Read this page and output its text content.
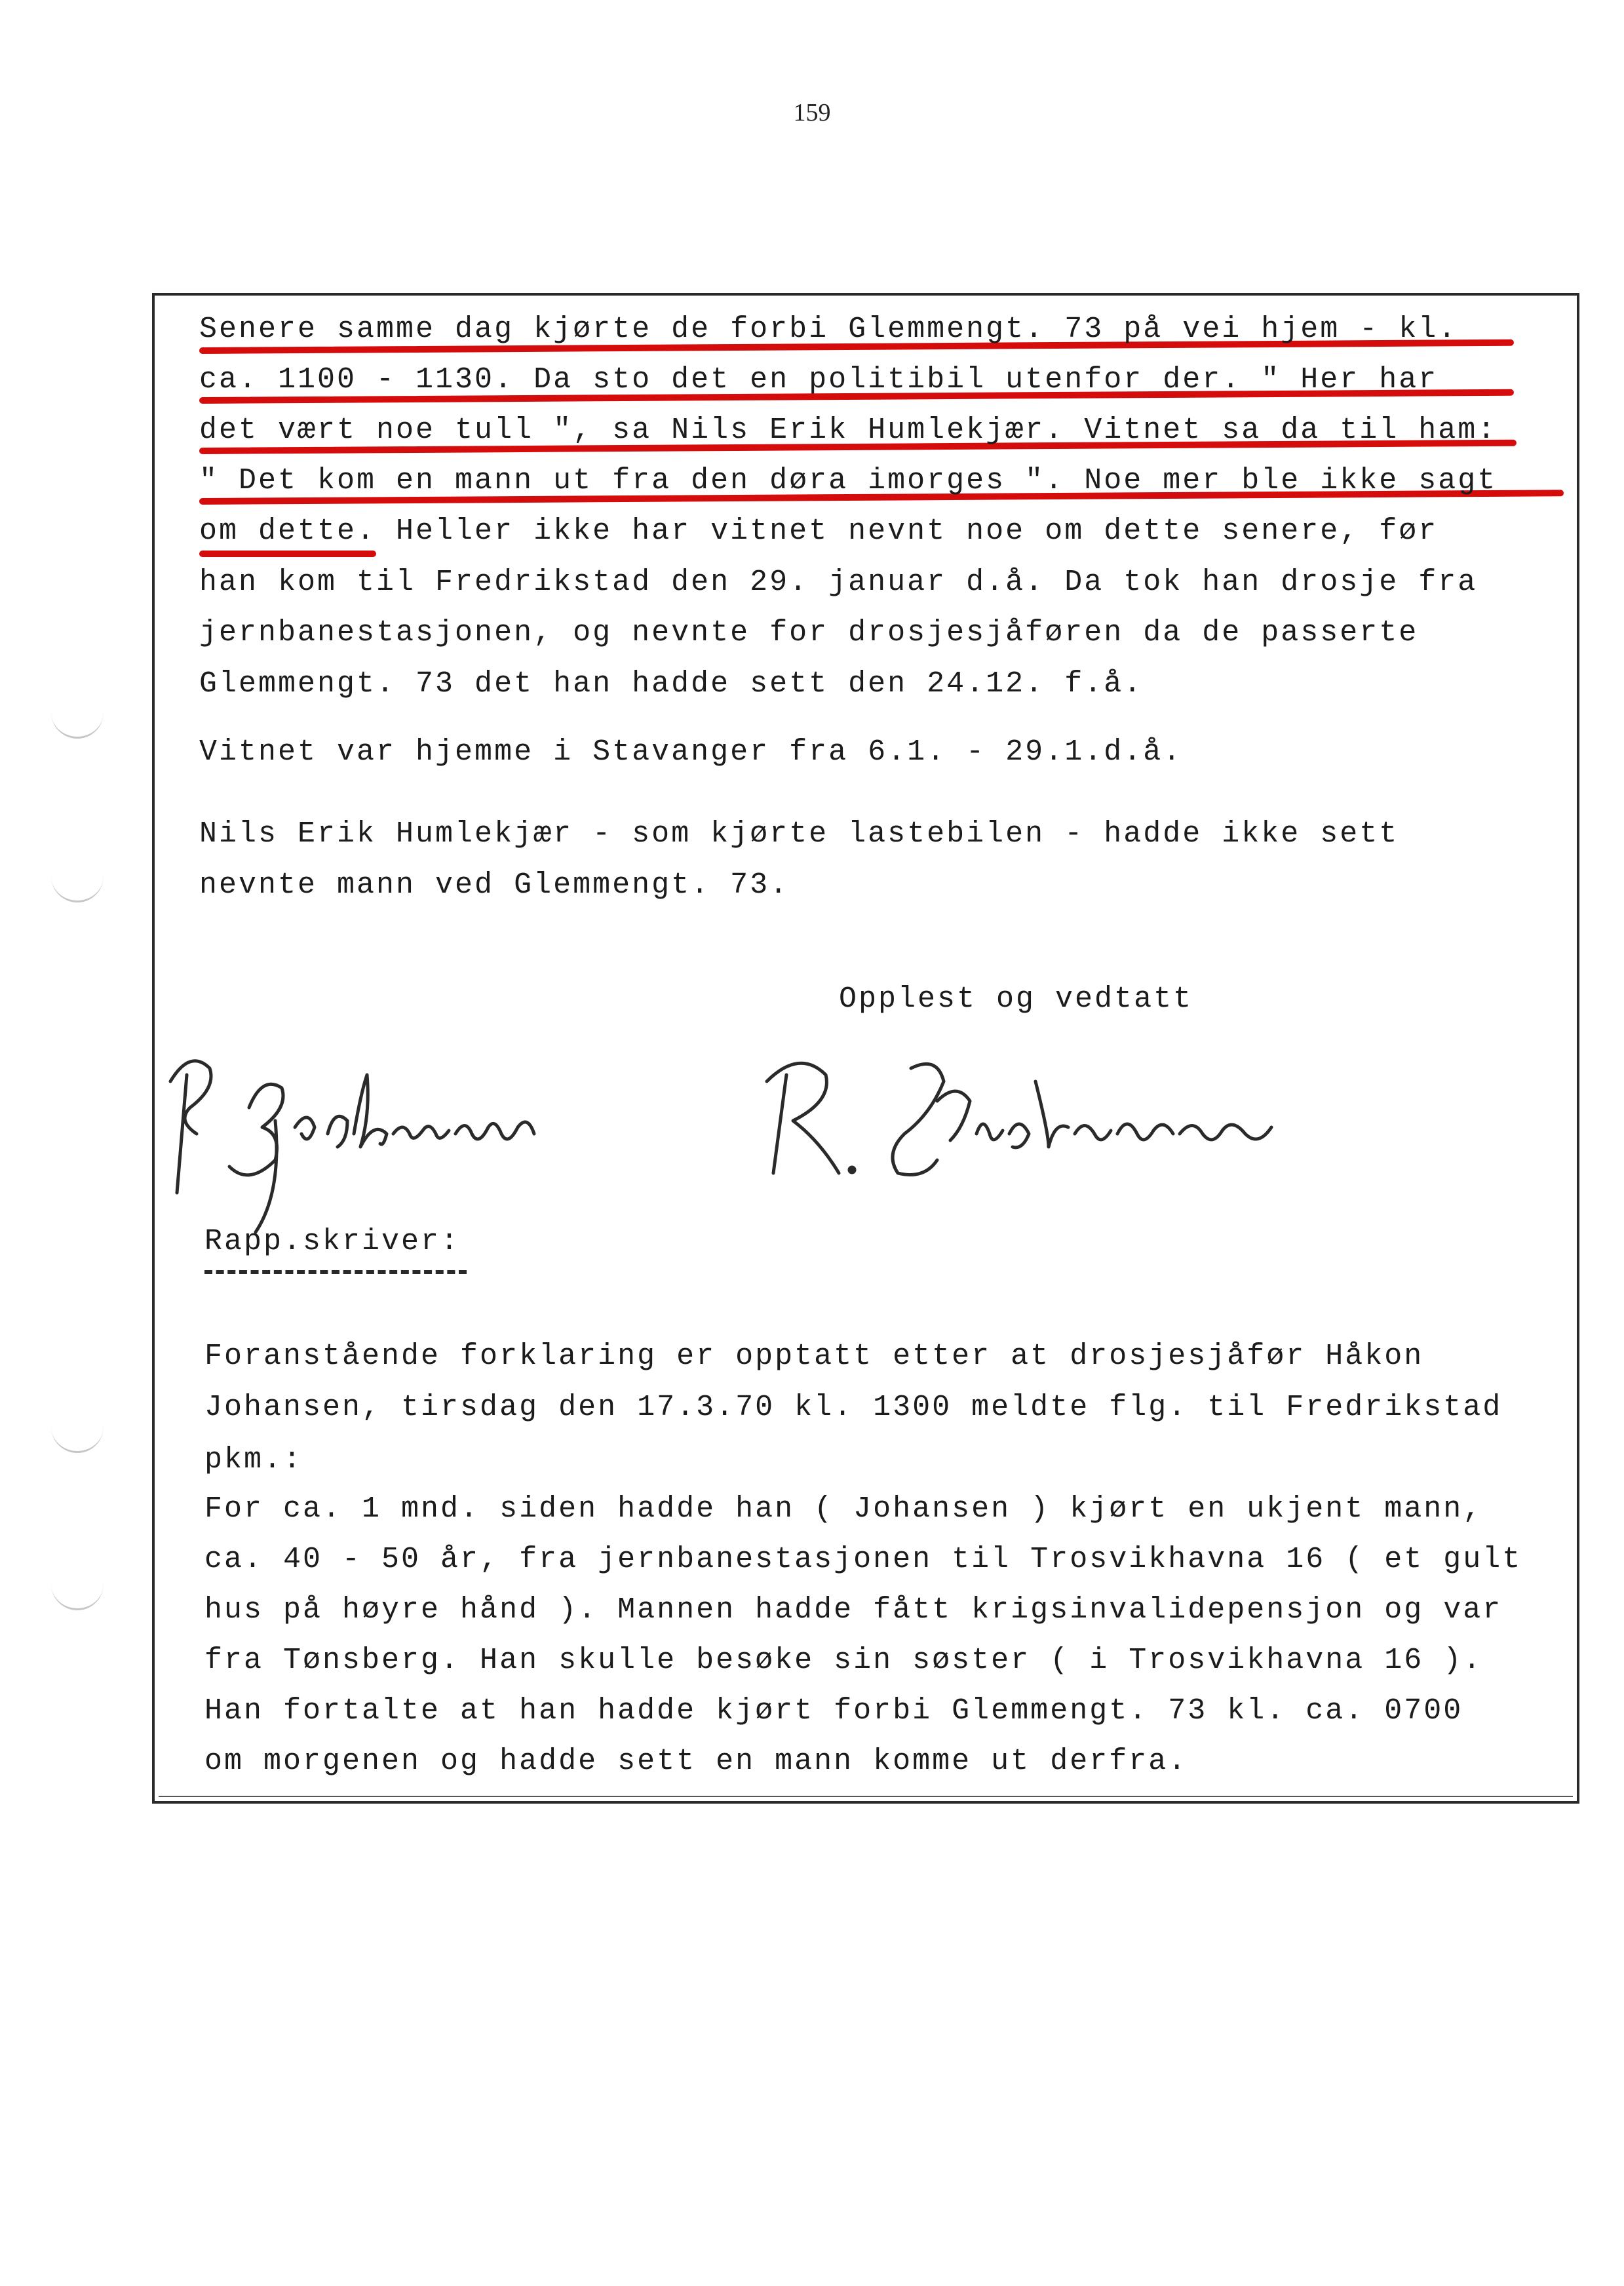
159
Senere samme dag kjørte de forbi Glemmengt. 73 på vei hjem - kl.
ca. 1100 - 1130. Da sto det en politibil utenfor der. " Her har
det vært noe tull ", sa Nils Erik Humlekjær. Vitnet sa da til ham:
" Det kom en mann ut fra den døra imorges ". Noe mer ble ikke sagt
om dette. Heller ikke har vitnet nevnt noe om dette senere, før
han kom til Fredrikstad den 29. januar d.å. Da tok han drosje fra
jernbanestasjonen, og nevnte for drosjesjåføren da de passerte
Glemmengt. 73 det han hadde sett den 24.12. f.å.
Vitnet var hjemme i Stavanger fra 6.1. - 29.1.d.å.
Nils Erik Humlekjær - som kjørte lastebilen - hadde ikke sett
nevnte mann ved Glemmengt. 73.
Opplest og vedtatt
Rapp.skriver:
Foranstående forklaring er opptatt etter at drosjesjåfør Håkon
Johansen, tirsdag den 17.3.70 kl. 1300 meldte flg. til Fredrikstad
pkm.:
For ca. 1 mnd. siden hadde han ( Johansen ) kjørt en ukjent mann,
ca. 40 - 50 år, fra jernbanestasjonen til Trosvikhavna 16 ( et gult
hus på høyre hånd ). Mannen hadde fått krigsinvalidepensjon og var
fra Tønsberg. Han skulle besøke sin søster ( i Trosvikhavna 16 ).
Han fortalte at han hadde kjørt forbi Glemmengt. 73 kl. ca. 0700
om morgenen og hadde sett en mann komme ut derfra.
